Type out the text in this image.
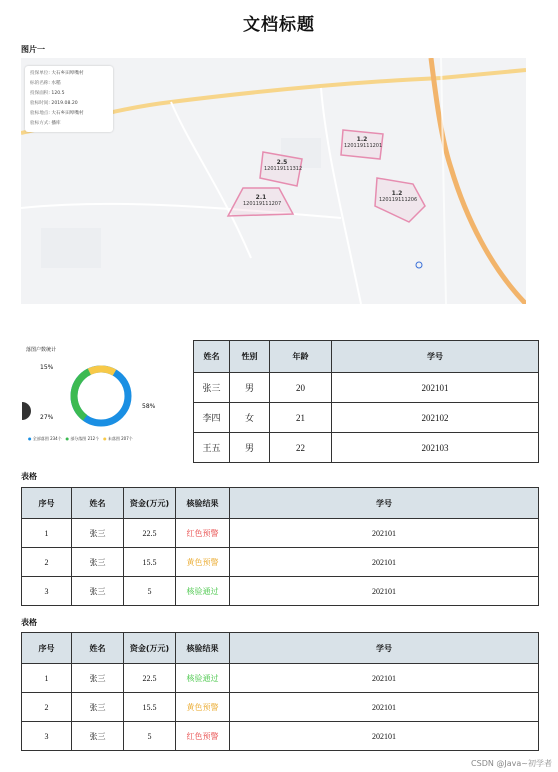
文档标题
图片一
投保单位: 大石乡田埠嘴村
标的名称: 水稻
投保面积: 120.5
验标时间: 2019.08.20
验标地点: 大石乡田埠嘴村
验标方式: 播库
2.5
120119111312
2.1
120119111207
1.2
120119111201
1.2
120119111206
落图户数统计
58%
27%
15%
● 全部落图 234个 ● 部分落图 212个 ● 未落图 207个
姓名	性别	年龄	学号
张三	男	20	202101
李四	女	21	202102
王五	男	22	202103
表格
序号	姓名	资金(万元)	核验结果	学号
1	张三	22.5	红色预警	202101
2	张三	15.5	黄色预警	202101
3	张三	5	核验通过	202101
表格
序号	姓名	资金(万元)	核验结果	学号
1	张三	22.5	核验通过	202101
2	张三	15.5	黄色预警	202101
3	张三	5	红色预警	202101
CSDN @Java~初学者
